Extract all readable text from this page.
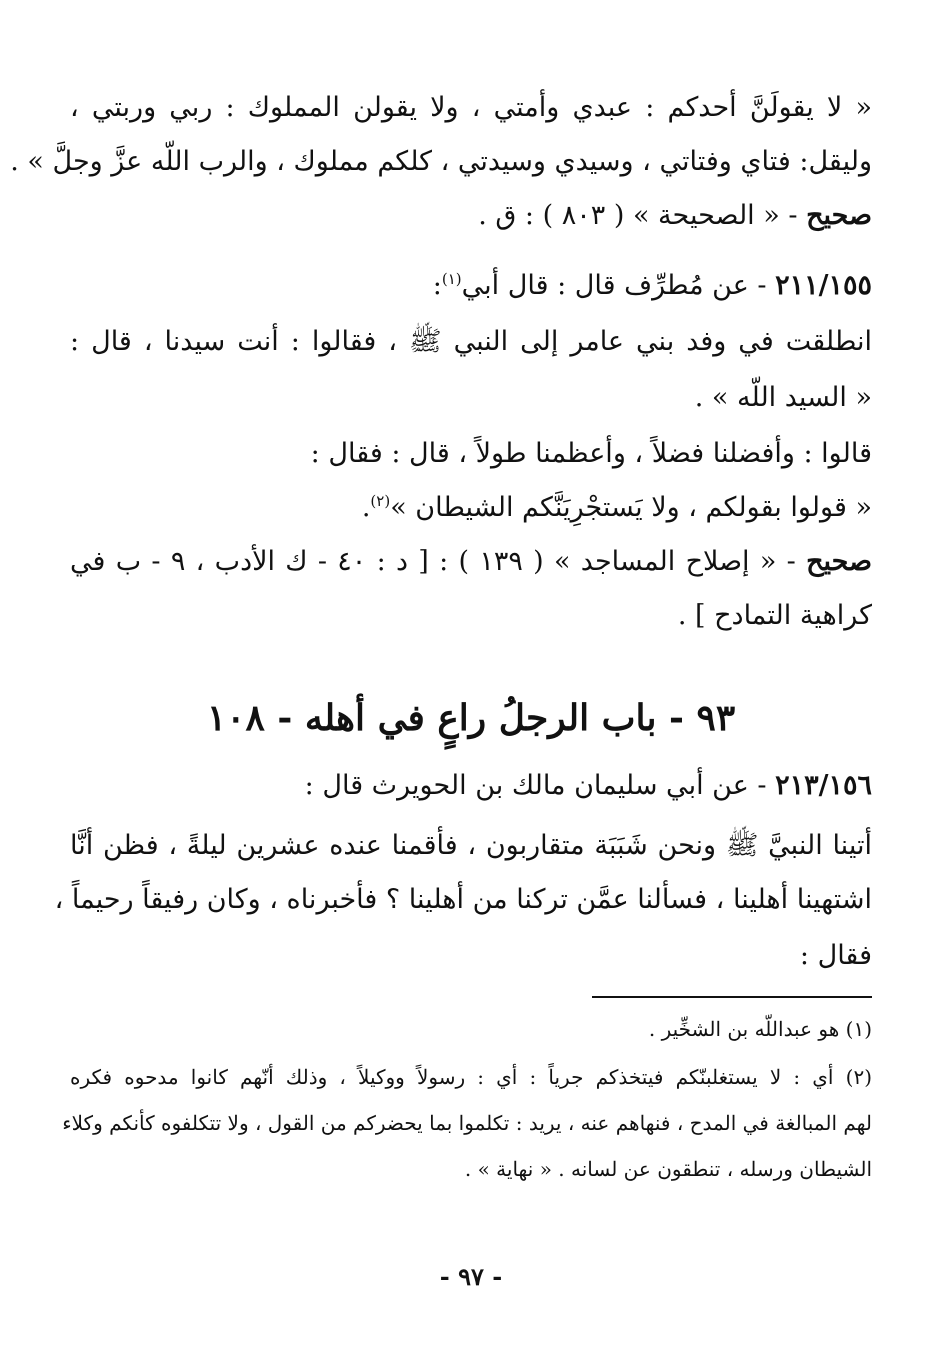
« لا يقولَنَّ أحدكم : عبدي وأمتي ، ولا يقولن المملوك : ربي وربتي ،
وليقل: فتاي وفتاتي ، وسيدي وسيدتي ، كلكم مملوك ، والرب اللّه عزَّ وجلَّ » .
صحيح - « الصحيحة » ( ٨٠٣ ) : ق .
٢١١/١٥٥ - عن مُطرِّف قال : قال أبي$^{(١)}$:
انطلقت في وفد بني عامر إلى النبي ﷺ ، فقالوا : أنت سيدنا ، قال :
« السيد اللّه » .
قالوا : وأفضلنا فضلاً ، وأعظمنا طولاً ، قال : فقال :
« قولوا بقولكم ، ولا يَستجْرِيَنَّكم الشيطان »$^{(٢)}$.
صحيح - « إصلاح المساجد » ( ١٣٩ ) : [ د : ٤٠ - ك الأدب ، ٩ - ب في
كراهية التمادح ] .
٩٣ - باب الرجلُ راعٍ في أهله - ١٠٨
٢١٣/١٥٦ - عن أبي سليمان مالك بن الحويرث قال :
أتينا النبيَّ ﷺ ونحن شَبَبَة متقاربون ، فأقمنا عنده عشرين ليلةً ، فظن أنَّا
اشتهينا أهلينا ، فسألنا عمَّن تركنا من أهلينا ؟ فأخبرناه ، وكان رفيقاً رحيماً ،
فقال :
(١) هو عبداللّه بن الشخِّير .
(٢) أي : لا يستغلبنّكم فيتخذكم جرياً : أي : رسولاً ووكيلاً ، وذلك أنّهم كانوا مدحوه فكره
لهم المبالغة في المدح ، فنهاهم عنه ، يريد : تكلموا بما يحضركم من القول ، ولا تتكلفوه كأنكم وكلاء
الشيطان ورسله ، تنطقون عن لسانه . « نهاية » .
- ٩٧ -
